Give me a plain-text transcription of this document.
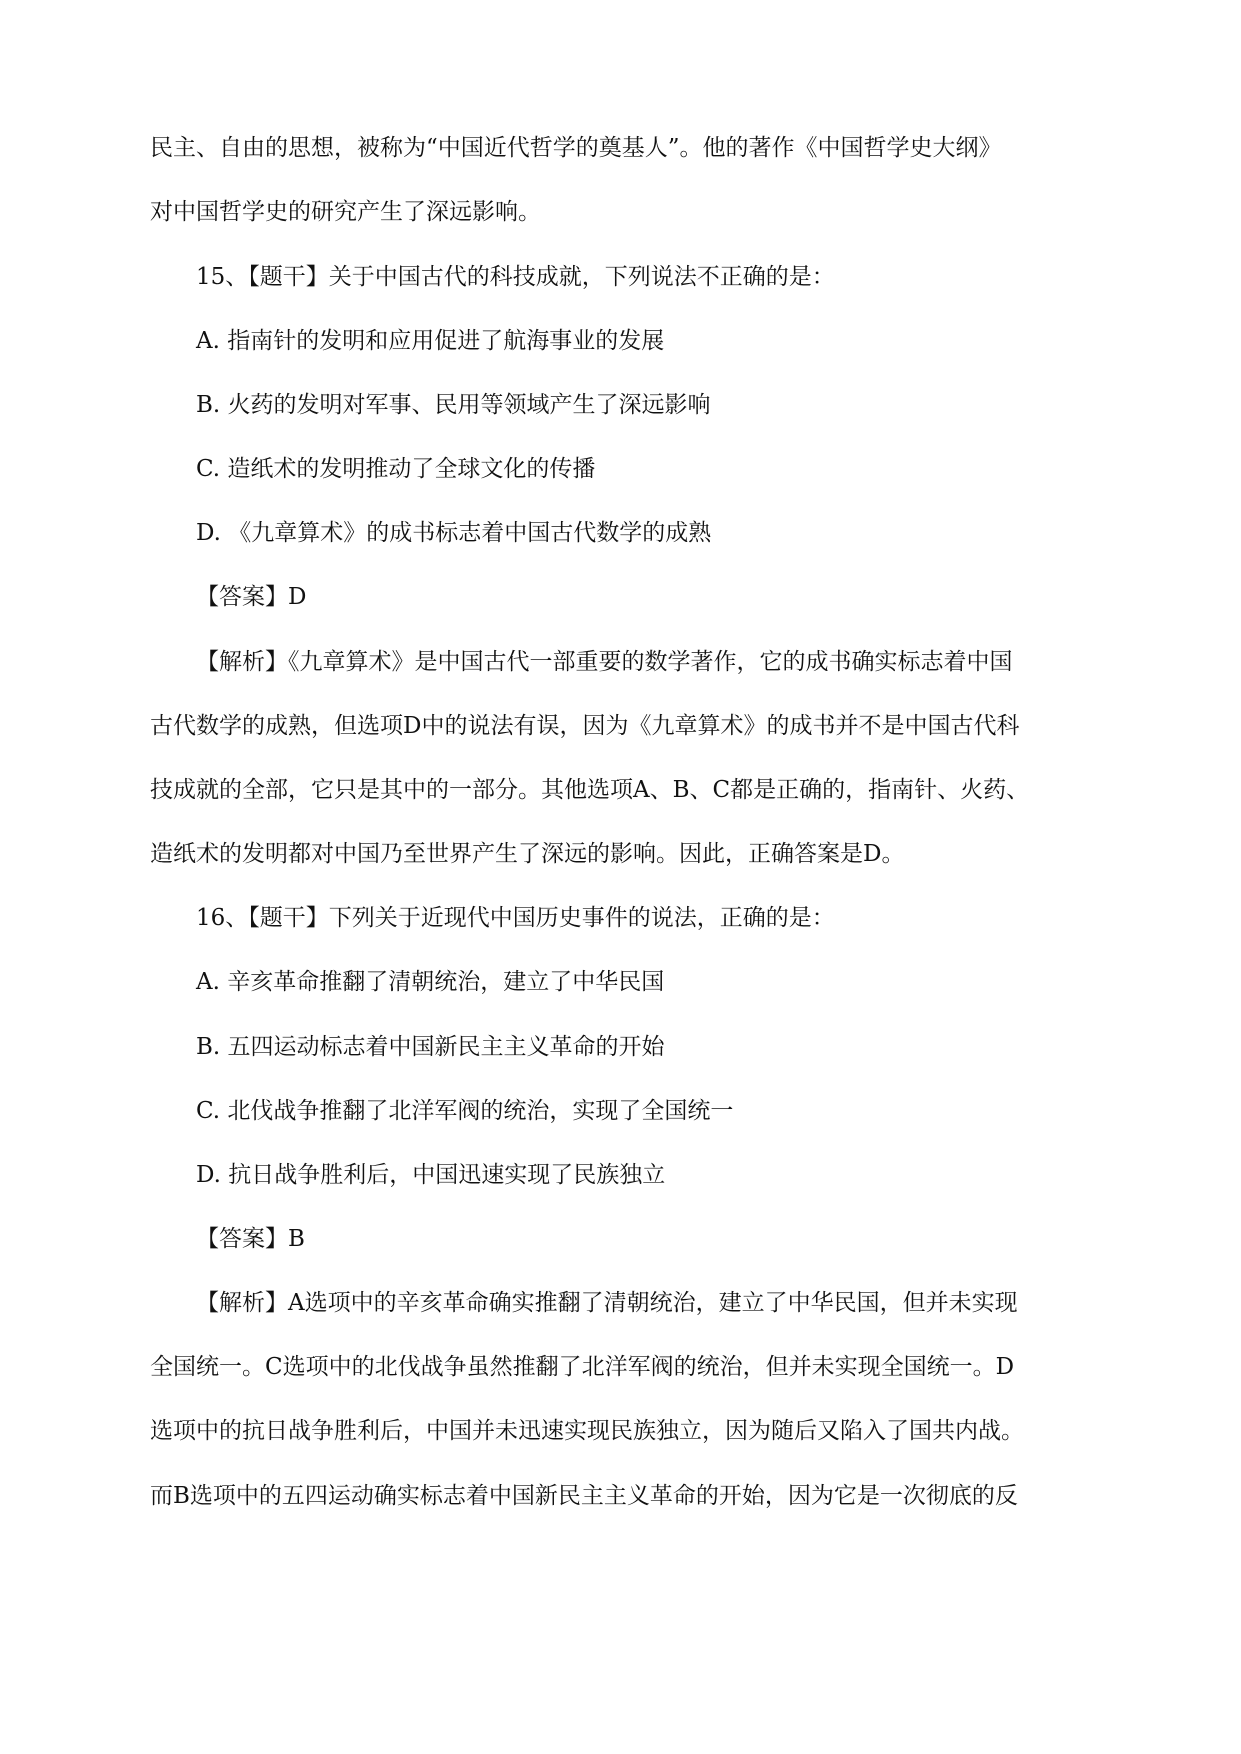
民主、自由的思想，被称为“中国近代哲学的奠基人”。他的著作《中国哲学史大纲》
对中国哲学史的研究产生了深远影响。
15、【题干】关于中国古代的科技成就，下列说法不正确的是：
A. 指南针的发明和应用促进了航海事业的发展
B. 火药的发明对军事、民用等领域产生了深远影响
C. 造纸术的发明推动了全球文化的传播
D. 《九章算术》的成书标志着中国古代数学的成熟
【答案】D
【解析】《九章算术》是中国古代一部重要的数学著作，它的成书确实标志着中国
古代数学的成熟，但选项D中的说法有误，因为《九章算术》的成书并不是中国古代科
技成就的全部，它只是其中的一部分。其他选项A、B、C都是正确的，指南针、火药、
造纸术的发明都对中国乃至世界产生了深远的影响。因此，正确答案是D。
16、【题干】下列关于近现代中国历史事件的说法，正确的是：
A. 辛亥革命推翻了清朝统治，建立了中华民国
B. 五四运动标志着中国新民主主义革命的开始
C. 北伐战争推翻了北洋军阀的统治，实现了全国统一
D. 抗日战争胜利后，中国迅速实现了民族独立
【答案】B
【解析】A选项中的辛亥革命确实推翻了清朝统治，建立了中华民国，但并未实现
全国统一。C选项中的北伐战争虽然推翻了北洋军阀的统治，但并未实现全国统一。D
选项中的抗日战争胜利后，中国并未迅速实现民族独立，因为随后又陷入了国共内战。
而B选项中的五四运动确实标志着中国新民主主义革命的开始，因为它是一次彻底的反
